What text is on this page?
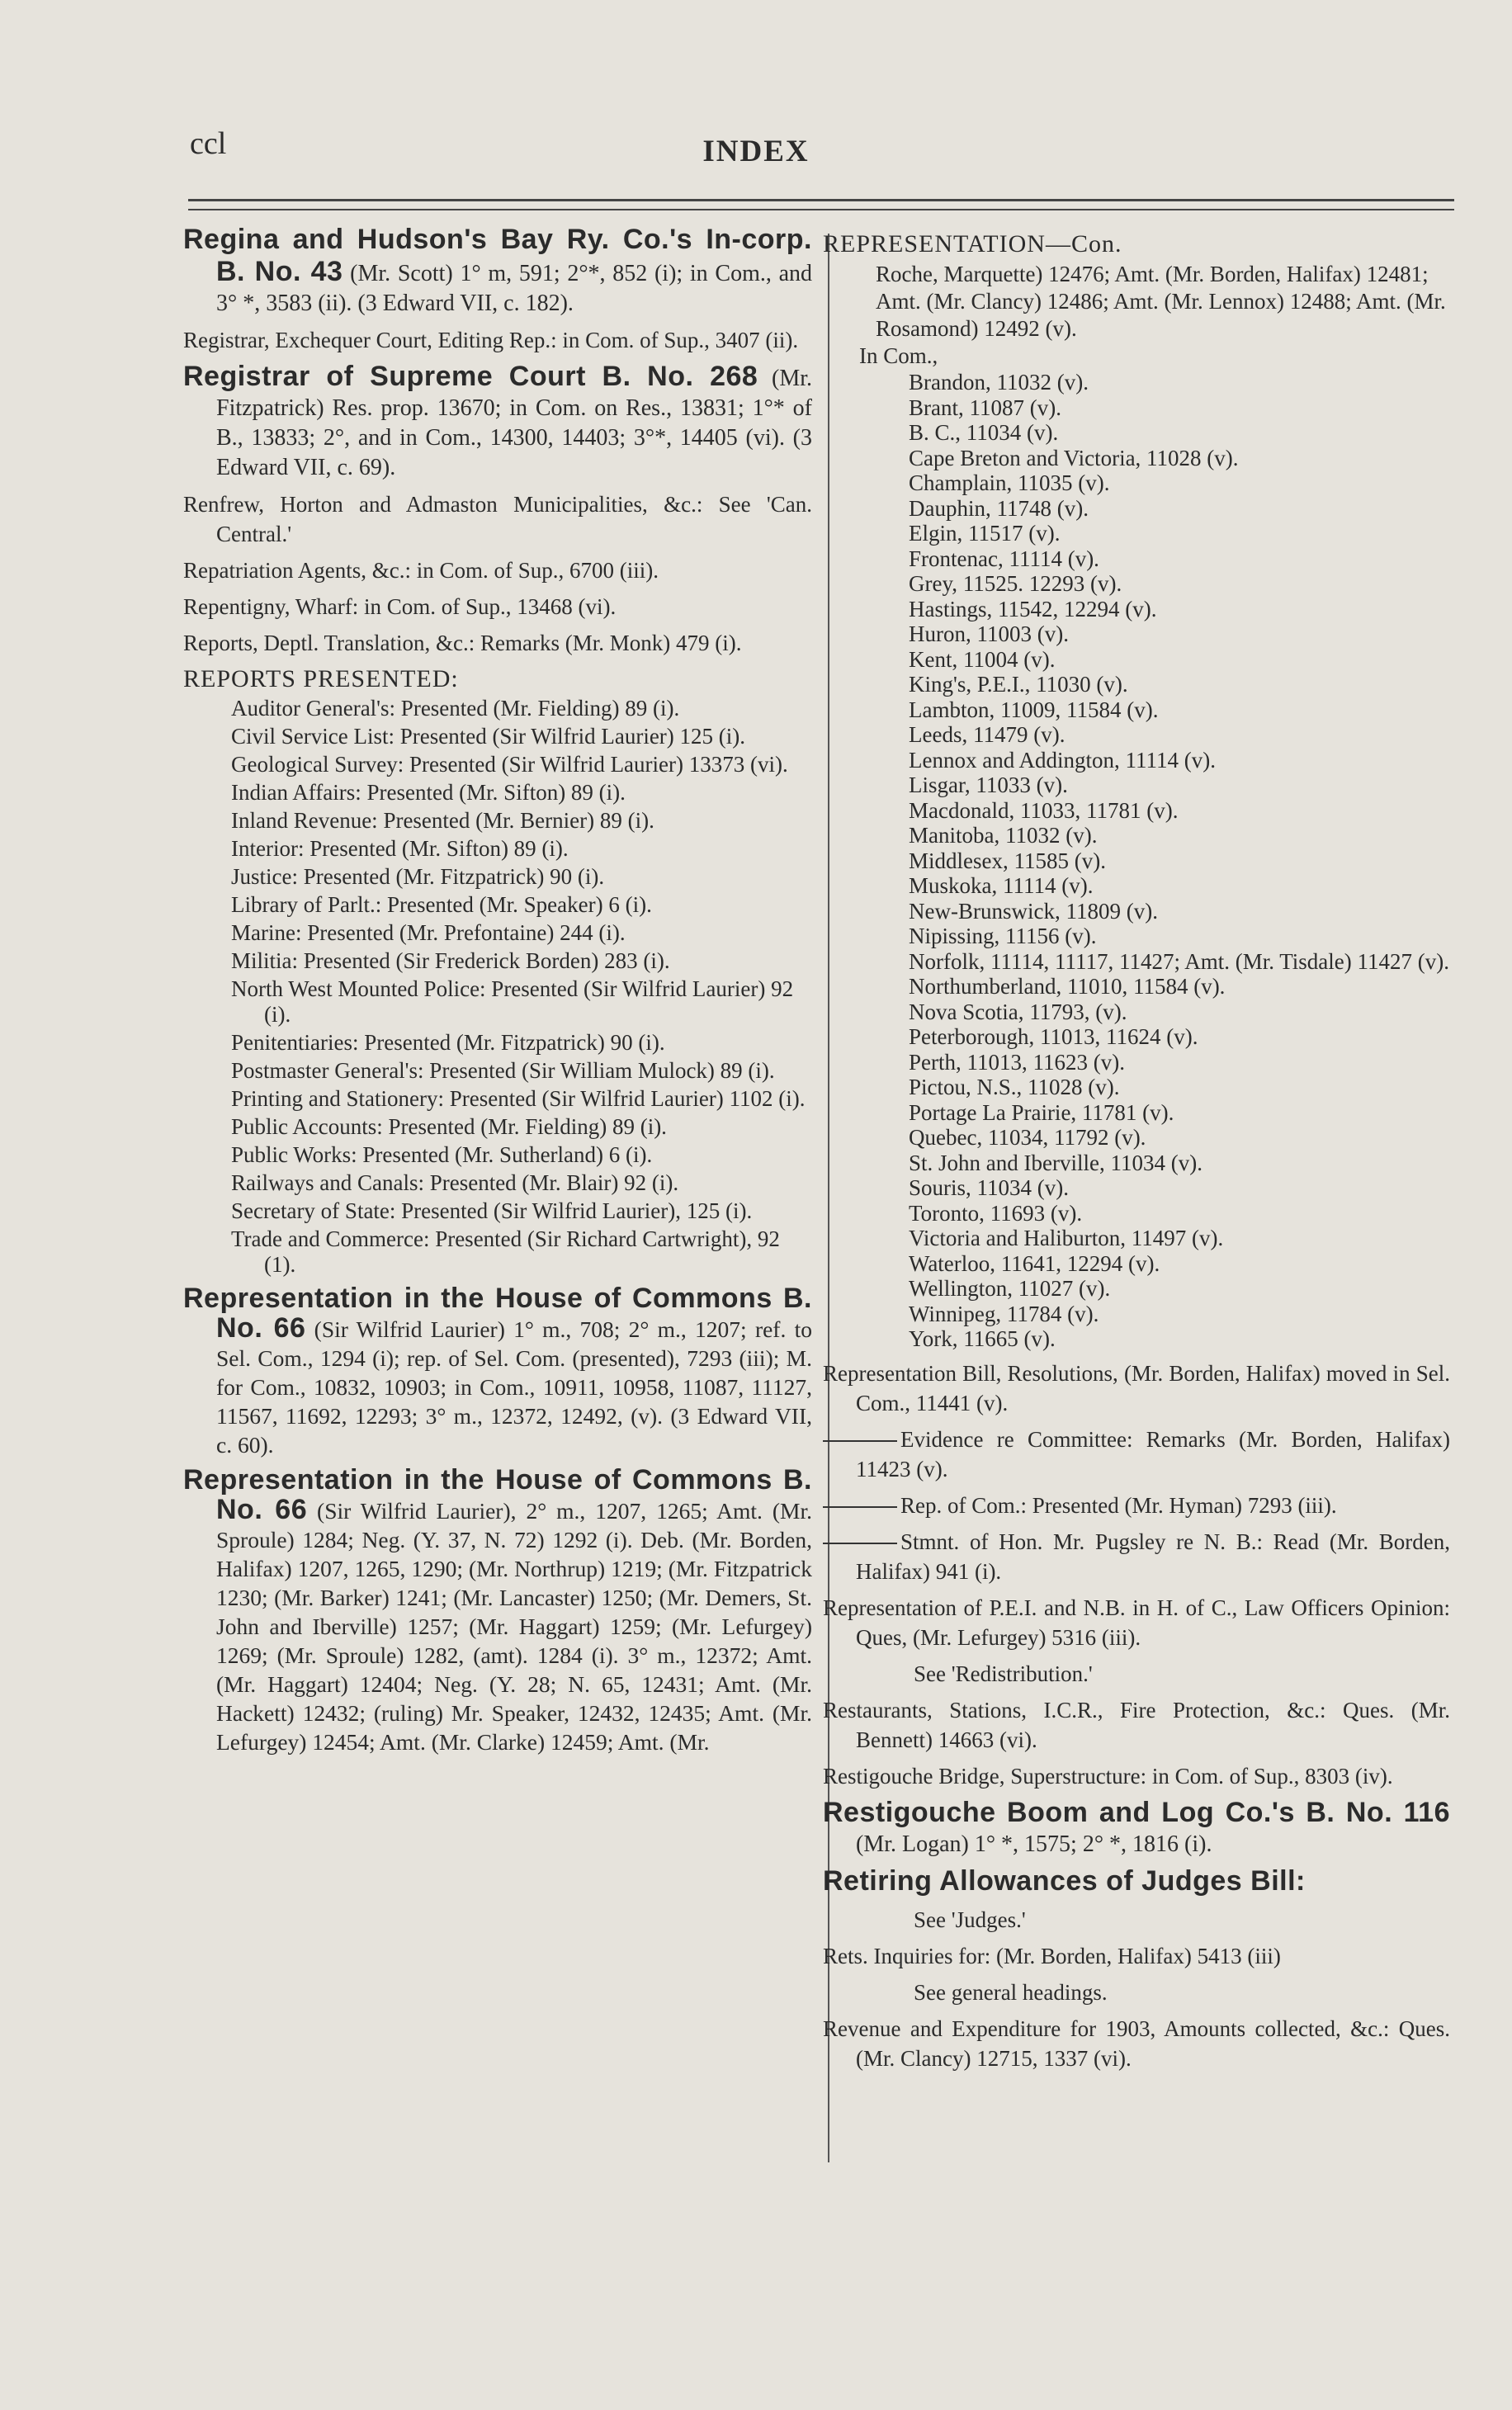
ccl	INDEX
Regina and Hudson's Bay Ry. Co.'s In-corp. B. No. 43 (Mr. Scott) 1° m, 591; 2°*, 852 (i); in Com., and 3° *, 3583 (ii). (3 Edward VII, c. 182).
Registrar, Exchequer Court, Editing Rep.: in Com. of Sup., 3407 (ii).
Registrar of Supreme Court B. No. 268 (Mr. Fitzpatrick) Res. prop. 13670; in Com. on Res., 13831; 1°* of B., 13833; 2°, and in Com., 14300, 14403; 3°*, 14405 (vi). (3 Edward VII, c. 69).
Renfrew, Horton and Admaston Municipalities, &c.: See 'Can. Central.'
Repatriation Agents, &c.: in Com. of Sup., 6700 (iii).
Repentigny, Wharf: in Com. of Sup., 13468 (vi).
Reports, Deptl. Translation, &c.: Remarks (Mr. Monk) 479 (i).
REPORTS PRESENTED:
Auditor General's: Presented (Mr. Fielding) 89 (i).
Civil Service List: Presented (Sir Wilfrid Laurier) 125 (i).
Geological Survey: Presented (Sir Wilfrid Laurier) 13373 (vi).
Indian Affairs: Presented (Mr. Sifton) 89 (i).
Inland Revenue: Presented (Mr. Bernier) 89 (i).
Interior: Presented (Mr. Sifton) 89 (i).
Justice: Presented (Mr. Fitzpatrick) 90 (i).
Library of Parlt.: Presented (Mr. Speaker) 6 (i).
Marine: Presented (Mr. Prefontaine) 244 (i).
Militia: Presented (Sir Frederick Borden) 283 (i).
North West Mounted Police: Presented (Sir Wilfrid Laurier) 92 (i).
Penitentiaries: Presented (Mr. Fitzpatrick) 90 (i).
Postmaster General's: Presented (Sir William Mulock) 89 (i).
Printing and Stationery: Presented (Sir Wilfrid Laurier) 1102 (i).
Public Accounts: Presented (Mr. Fielding) 89 (i).
Public Works: Presented (Mr. Sutherland) 6 (i).
Railways and Canals: Presented (Mr. Blair) 92 (i).
Secretary of State: Presented (Sir Wilfrid Laurier), 125 (i).
Trade and Commerce: Presented (Sir Richard Cartwright), 92 (1).
Representation in the House of Commons B. No. 66 (Sir Wilfrid Laurier) 1° m., 708; 2° m., 1207; ref. to Sel. Com., 1294 (i); rep. of Sel. Com. (presented), 7293 (iii); M. for Com., 10832, 10903; in Com., 10911, 10958, 11087, 11127, 11567, 11692, 12293; 3° m., 12372, 12492, (v). (3 Edward VII, c. 60).
Representation in the House of Commons B. No. 66 (Sir Wilfrid Laurier), 2° m., 1207, 1265; Amt. (Mr. Sproule) 1284; Neg. (Y. 37, N. 72) 1292 (i). Deb. (Mr. Borden, Halifax) 1207, 1265, 1290; (Mr. Northrup) 1219; (Mr. Fitzpatrick 1230; (Mr. Barker) 1241; (Mr. Lancaster) 1250; (Mr. Demers, St. John and Iberville) 1257; (Mr. Haggart) 1259; (Mr. Lefurgey) 1269; (Mr. Sproule) 1282, (amt). 1284 (i). 3° m., 12372; Amt. (Mr. Haggart) 12404; Neg. (Y. 28; N. 65, 12431; Amt. (Mr. Hackett) 12432; (ruling) Mr. Speaker, 12432, 12435; Amt. (Mr. Lefurgey) 12454; Amt. (Mr. Clarke) 12459; Amt. (Mr.
REPRESENTATION—Con.
Roche, Marquette) 12476; Amt. (Mr. Borden, Halifax) 12481; Amt. (Mr. Clancy) 12486; Amt. (Mr. Lennox) 12488; Amt. (Mr. Rosamond) 12492 (v).
In Com.,
Brandon, 11032 (v).
Brant, 11087 (v).
B. C., 11034 (v).
Cape Breton and Victoria, 11028 (v).
Champlain, 11035 (v).
Dauphin, 11748 (v).
Elgin, 11517 (v).
Frontenac, 11114 (v).
Grey, 11525. 12293 (v).
Hastings, 11542, 12294 (v).
Huron, 11003 (v).
Kent, 11004 (v).
King's, P.E.I., 11030 (v).
Lambton, 11009, 11584 (v).
Leeds, 11479 (v).
Lennox and Addington, 11114 (v).
Lisgar, 11033 (v).
Macdonald, 11033, 11781 (v).
Manitoba, 11032 (v).
Middlesex, 11585 (v).
Muskoka, 11114 (v).
New-Brunswick, 11809 (v).
Nipissing, 11156 (v).
Norfolk, 11114, 11117, 11427; Amt. (Mr. Tisdale) 11427 (v).
Northumberland, 11010, 11584 (v).
Nova Scotia, 11793, (v).
Peterborough, 11013, 11624 (v).
Perth, 11013, 11623 (v).
Pictou, N.S., 11028 (v).
Portage La Prairie, 11781 (v).
Quebec, 11034, 11792 (v).
St. John and Iberville, 11034 (v).
Souris, 11034 (v).
Toronto, 11693 (v).
Victoria and Haliburton, 11497 (v).
Waterloo, 11641, 12294 (v).
Wellington, 11027 (v).
Winnipeg, 11784 (v).
York, 11665 (v).
Representation Bill, Resolutions, (Mr. Borden, Halifax) moved in Sel. Com., 11441 (v).
Evidence re Committee: Remarks (Mr. Borden, Halifax) 11423 (v).
Rep. of Com.: Presented (Mr. Hyman) 7293 (iii).
Stmnt. of Hon. Mr. Pugsley re N. B.: Read (Mr. Borden, Halifax) 941 (i).
Representation of P.E.I. and N.B. in H. of C., Law Officers Opinion: Ques, (Mr. Lefurgey) 5316 (iii).
See 'Redistribution.'
Restaurants, Stations, I.C.R., Fire Protection, &c.: Ques. (Mr. Bennett) 14663 (vi).
Restigouche Bridge, Superstructure: in Com. of Sup., 8303 (iv).
Restigouche Boom and Log Co.'s B. No. 116 (Mr. Logan) 1° *, 1575; 2° *, 1816 (i).
Retiring Allowances of Judges Bill:
See 'Judges.'
Rets. Inquiries for: (Mr. Borden, Halifax) 5413 (iii)
See general headings.
Revenue and Expenditure for 1903, Amounts collected, &c.: Ques. (Mr. Clancy) 12715, 1337 (vi).
